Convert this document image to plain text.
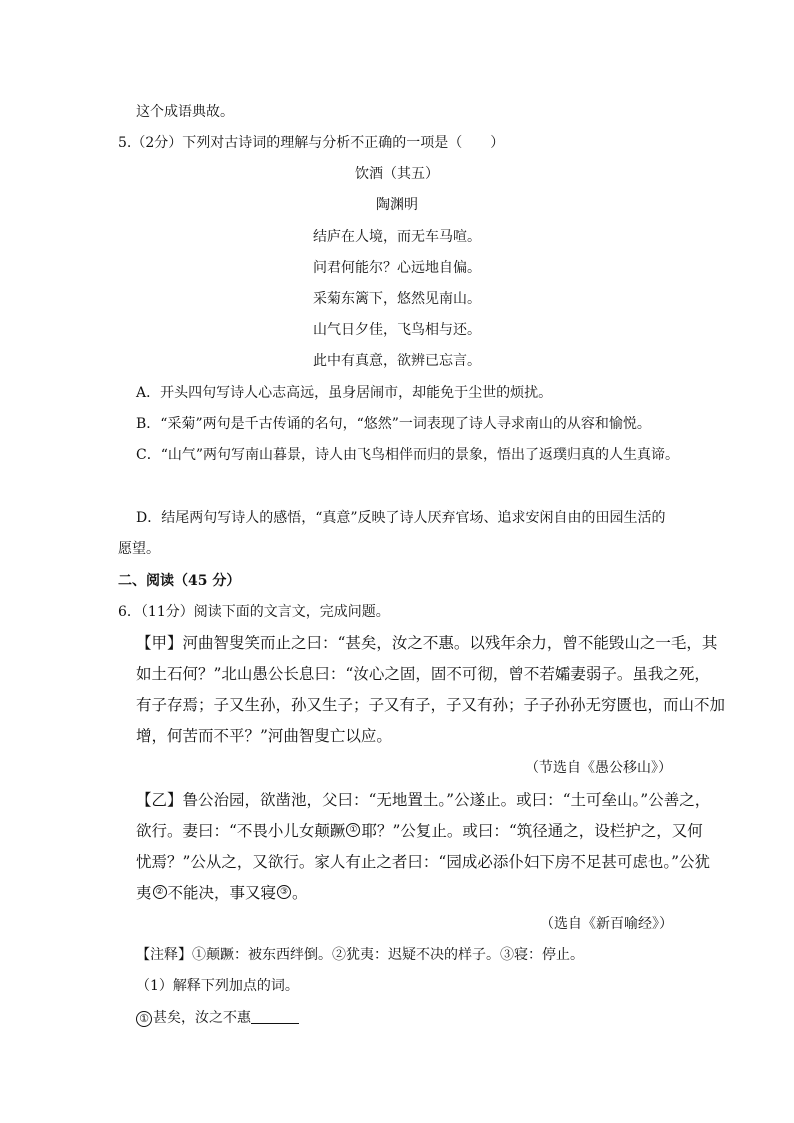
这个成语典故。
5.（2分）下列对古诗词的理解与分析不正确的一项是（　　）
饮酒（其五）
陶渊明
结庐在人境，而无车马喧。
问君何能尔？心远地自偏。
采菊东篱下，悠然见南山。
山气日夕佳，飞鸟相与还。
此中有真意，欲辨已忘言。
A．开头四句写诗人心志高远，虽身居闹市，却能免于尘世的烦扰。
B．“采菊”两句是千古传诵的名句，“悠然”一词表现了诗人寻求南山的从容和愉悦。
C．“山气”两句写南山暮景，诗人由飞鸟相伴而归的景象，悟出了返璞归真的人生真谛。
D．结尾两句写诗人的感悟，“真意”反映了诗人厌弃官场、追求安闲自由的田园生活的
愿望。
二、阅读（45 分）
6．（11分）阅读下面的文言文，完成问题。
【甲】河曲智叟笑而止之曰：“甚矣，汝之不惠。以残年余力，曾不能毁山之一毛，其
如土石何？”北山愚公长息曰：“汝心之固，固不可彻，曾不若孀妻弱子。虽我之死，
有子存焉；子又生孙，孙又生子；子又有子，子又有孙；子子孙孙无穷匮也，而山不加
增，何苦而不平？”河曲智叟亡以应。
（节选自《愚公移山》）
【乙】鲁公治园，欲凿池，父曰：“无地置土。”公遂止。或曰：“土可垒山。”公善之，
欲行。妻曰：“不畏小儿女颠蹶 ① 耶？”公复止。或曰：“筑径通之，设栏护之，又何
忧焉？”公从之，又欲行。家人有止之者曰：“园成必添仆妇下房不足甚可虑也。”公犹
夷 ② 不能决，事又寝 ③ 。
（选自《新百喻经》）
【注释】①颠蹶：被东西绊倒。②犹夷：迟疑不决的样子。③寝：停止。
（1）解释下列加点的词。
① 甚矣，汝之不惠
